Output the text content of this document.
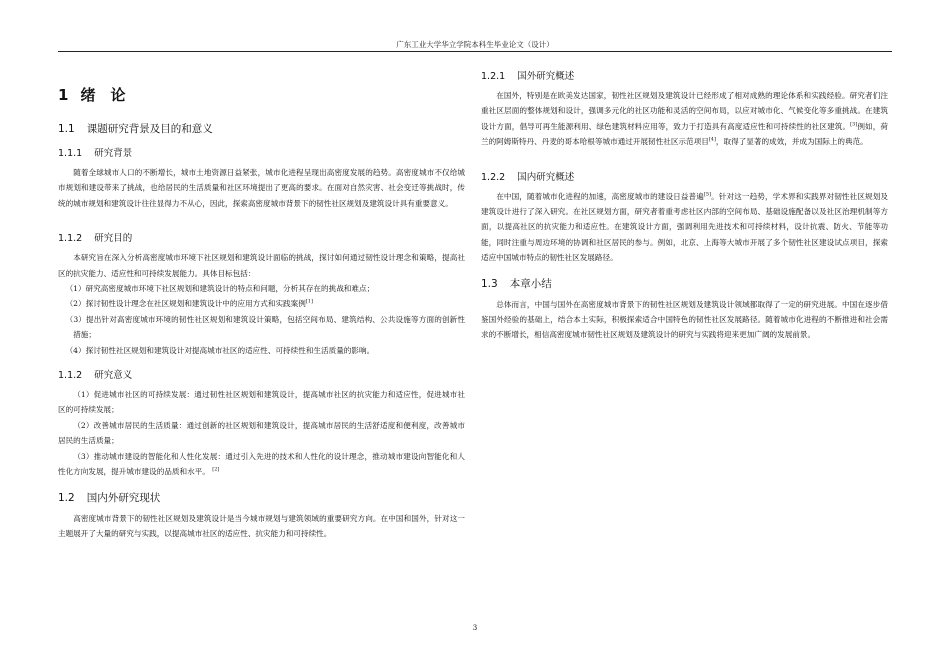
广东工业大学华立学院本科生毕业论文（设计）
1 绪　论
1.1 课题研究背景及目的和意义
1.1.1 研究背景

随着全球城市人口的不断增长，城市土地资源日益紧张，城市化进程呈现出高密度发展的趋势。高密度城市不仅给城市规划和建设带来了挑战，也给居民的生活质量和社区环境提出了更高的要求。在面对自然灾害、社会变迁等挑战时，传统的城市规划和建筑设计往往显得力不从心，因此，探索高密度城市背景下的韧性社区规划及建筑设计具有重要意义。

1.1.2 研究目的

本研究旨在深入分析高密度城市环境下社区规划和建筑设计面临的挑战，探讨如何通过韧性设计理念和策略，提高社区的抗灾能力、适应性和可持续发展能力。具体目标包括：

（1）研究高密度城市环境下社区规划和建筑设计的特点和问题，分析其存在的挑战和难点；
（2）探讨韧性设计理念在社区规划和建筑设计中的应用方式和实践案例[1]
（3）提出针对高密度城市环境的韧性社区规划和建筑设计策略，包括空间布局、建筑结构、公共设施等方面的创新性措施；
（4）探讨韧性社区规划和建筑设计对提高城市社区的适应性、可持续性和生活质量的影响。
1.1.2 研究意义
（1）促进城市社区的可持续发展：通过韧性社区规划和建筑设计，提高城市社区的抗灾能力和适应性，促进城市社区的可持续发展；
（2）改善城市居民的生活质量：通过创新的社区规划和建筑设计，提高城市居民的生活舒适度和便利度，改善城市居民的生活质量；
（3）推动城市建设的智能化和人性化发展：通过引入先进的技术和人性化的设计理念，推动城市建设向智能化和人性化方向发展，提升城市建设的品质和水平。 [2]
1.2 国内外研究现状

高密度城市背景下的韧性社区规划及建筑设计是当今城市规划与建筑领域的重要研究方向。在中国和国外，针对这一主题展开了大量的研究与实践，以提高城市社区的适应性、抗灾能力和可持续性。

1.2.1 国外研究概述

在国外，特别是在欧美发达国家，韧性社区规划及建筑设计已经形成了相对成熟的理论体系和实践经验。研究者们注重社区层面的整体规划和设计，强调多元化的社区功能和灵活的空间布局，以应对城市化、气候变化等多重挑战。在建筑设计方面，倡导可再生能源利用、绿色建筑材料应用等，致力于打造具有高度适应性和可持续性的社区建筑。[3]例如，荷兰的阿姆斯特丹、丹麦的哥本哈根等城市通过开展韧性社区示范项目[4]，取得了显著的成效，并成为国际上的典范。

1.2.2 国内研究概述

在中国，随着城市化进程的加速，高密度城市的建设日益普遍[5]。针对这一趋势，学术界和实践界对韧性社区规划及建筑设计进行了深入研究。在社区规划方面，研究者着重考虑社区内部的空间布局、基础设施配备以及社区治理机制等方面，以提高社区的抗灾能力和适应性。在建筑设计方面，强调利用先进技术和可持续材料，设计抗震、防火、节能等功能，同时注重与周边环境的协调和社区居民的参与。例如，北京、上海等大城市开展了多个韧性社区建设试点项目，探索适应中国城市特点的韧性社区发展路径。

1.3 本章小结

总体而言，中国与国外在高密度城市背景下的韧性社区规划及建筑设计领域都取得了一定的研究进展。中国在逐步借鉴国外经验的基础上，结合本土实际，积极探索适合中国特色的韧性社区发展路径。随着城市化进程的不断推进和社会需求的不断增长，相信高密度城市韧性社区规划及建筑设计的研究与实践将迎来更加广阔的发展前景。

3
